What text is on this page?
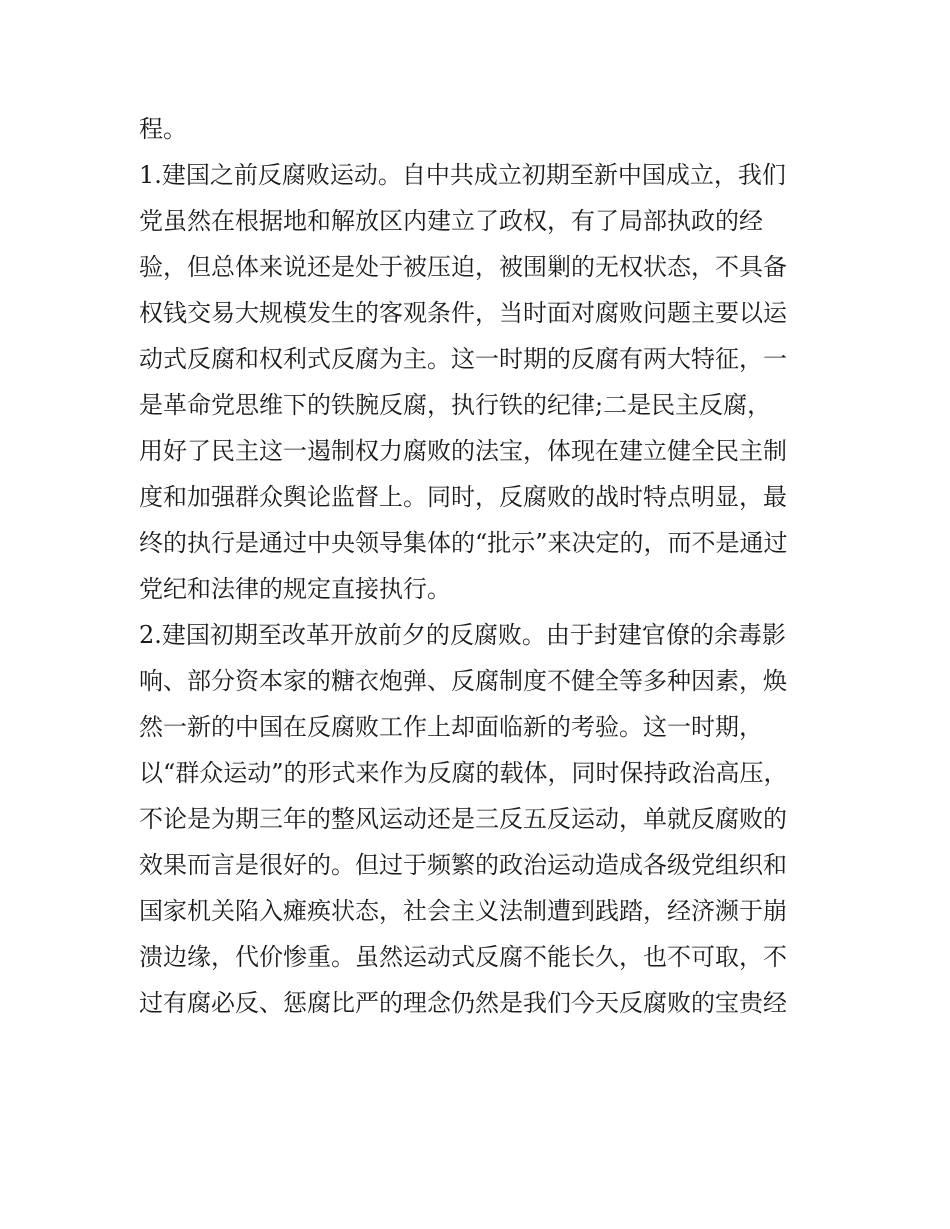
程。
1.建国之前反腐败运动。自中共成立初期至新中国成立，我们
党虽然在根据地和解放区内建立了政权，有了局部执政的经
验，但总体来说还是处于被压迫，被围剿的无权状态，不具备
权钱交易大规模发生的客观条件，当时面对腐败问题主要以运
动式反腐和权利式反腐为主。这一时期的反腐有两大特征，一
是革命党思维下的铁腕反腐，执行铁的纪律;二是民主反腐，
用好了民主这一遏制权力腐败的法宝，体现在建立健全民主制
度和加强群众舆论监督上。同时，反腐败的战时特点明显，最
终的执行是通过中央领导集体的“批示”来决定的，而不是通过
党纪和法律的规定直接执行。
2.建国初期至改革开放前夕的反腐败。由于封建官僚的余毒影
响、部分资本家的糖衣炮弹、反腐制度不健全等多种因素，焕
然一新的中国在反腐败工作上却面临新的考验。这一时期，
以“群众运动”的形式来作为反腐的载体，同时保持政治高压，
不论是为期三年的整风运动还是三反五反运动，单就反腐败的
效果而言是很好的。但过于频繁的政治运动造成各级党组织和
国家机关陷入瘫痪状态，社会主义法制遭到践踏，经济濒于崩
溃边缘，代价惨重。虽然运动式反腐不能长久，也不可取，不
过有腐必反、惩腐比严的理念仍然是我们今天反腐败的宝贵经
